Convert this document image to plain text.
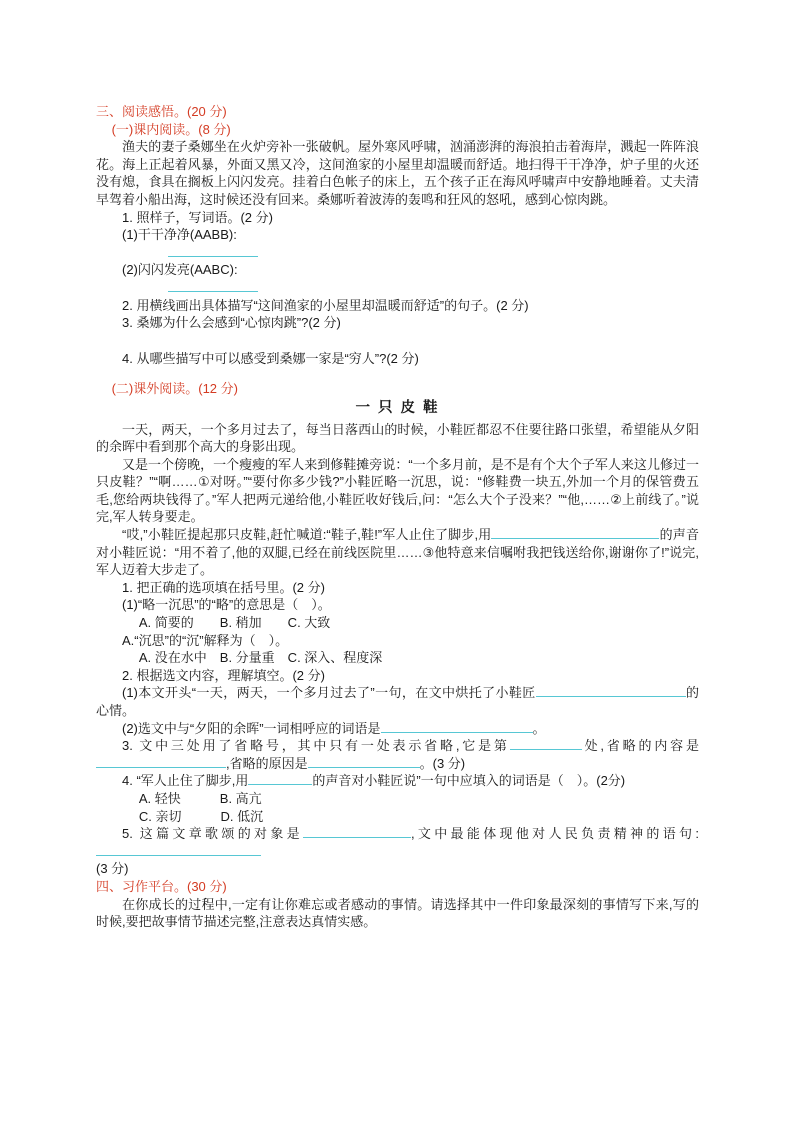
三、阅读感悟。(20 分)

(一)课内阅读。(8 分)

渔夫的妻子桑娜坐在火炉旁补一张破帆。屋外寒风呼啸，汹涌澎湃的海浪拍击着海岸，溅起一阵阵浪花。海上正起着风暴，外面又黑又冷，这间渔家的小屋里却温暖而舒适。地扫得干干净净，炉子里的火还没有熄，食具在搁板上闪闪发亮。挂着白色帐子的床上，五个孩子正在海风呼啸声中安静地睡着。丈夫清早驾着小船出海，这时候还没有回来。桑娜听着波涛的轰鸣和狂风的怒吼，感到心惊肉跳。

1. 照样子，写词语。(2 分)

(1)干干净净(AABB):

(2)闪闪发亮(AABC):

2. 用横线画出具体描写“这间渔家的小屋里却温暖而舒适”的句子。(2 分)

3. 桑娜为什么会感到“心惊肉跳”?(2 分)

4. 从哪些描写中可以感受到桑娜一家是“穷人”?(2 分)

(二)课外阅读。(12 分)

一 只 皮 鞋

一天，两天，一个多月过去了，每当日落西山的时候，小鞋匠都忍不住要往路口张望，希望能从夕阳的余晖中看到那个高大的身影出现。

又是一个傍晚，一个瘦瘦的军人来到修鞋摊旁说：“一个多月前，是不是有个大个子军人来这儿修过一只皮鞋？”“啊……①对呀。”“要付你多少钱?”小鞋匠略一沉思，说：“修鞋费一块五,外加一个月的保管费五毛,您给两块钱得了。”军人把两元递给他,小鞋匠收好钱后,问：“怎么大个子没来？”“他,……②上前线了。”说完,军人转身要走。

“哎,”小鞋匠提起那只皮鞋,赶忙喊道:“鞋子,鞋!”军人止住了脚步,用	的声音对小鞋匠说：“用不着了,他的双腿,已经在前线医院里……③他特意来信嘱咐我把钱送给你,谢谢你了!”说完,军人迈着大步走了。

1. 把正确的选项填在括号里。(2 分)

(1)“略一沉思”的“略”的意思是（　）。

A. 简要的　　B. 稍加　　C. 大致

A.“沉思”的“沉”解释为（　）。

A. 没在水中　B. 分量重　C. 深入、程度深

2. 根据选文内容，理解填空。(2 分)

(1)本文开头“一天，两天，一个多月过去了”一句，在文中烘托了小鞋匠	的心情。

(2)选文中与“夕阳的余晖”一词相呼应的词语是	。

3. 文中三处用了省略号，其中只有一处表示省略,它是第	处,省略的内容是,省略的原因是	。(3 分)

4. “军人止住了脚步,用	的声音对小鞋匠说”一句中应填入的词语是（　）。(2分)

A. 轻快　　　B. 高亢

C. 亲切　　　D. 低沉

5. 这篇文章歌颂的对象是	,文中最能体现他对人民负责精神的语句:

(3 分)

四、习作平台。(30 分)

在你成长的过程中,一定有让你难忘或者感动的事情。请选择其中一件印象最深刻的事情写下来,写的时候,要把故事情节描述完整,注意表达真情实感。
